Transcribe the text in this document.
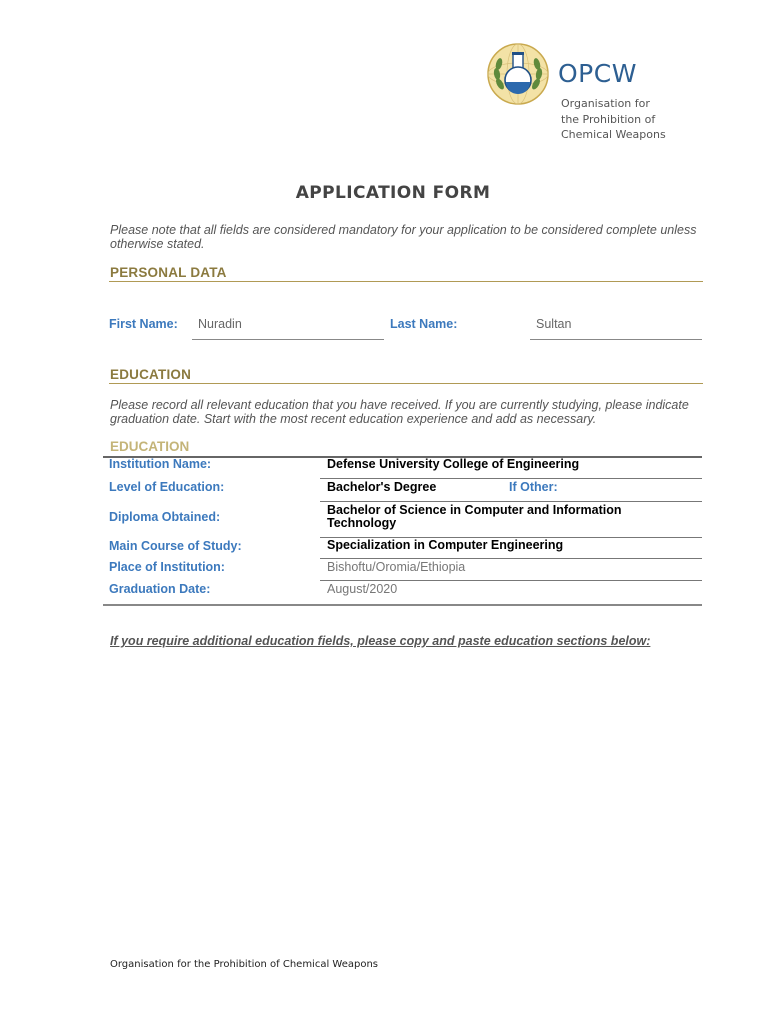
OPCW
Organisation for
the Prohibition of
Chemical Weapons
APPLICATION FORM
Please note that all fields are considered mandatory for your application to be considered complete unless otherwise stated.
PERSONAL DATA
First Name: Nuradin	Last Name:	Sultan
EDUCATION
Please record all relevant education that you have received. If you are currently studying, please indicate graduation date. Start with the most recent education experience and add as necessary.
EDUCATION
Institution Name:	Defense University College of Engineering
Level of Education:	Bachelor's Degree	If Other:
Diploma Obtained:	Bachelor of Science in Computer and Information Technology
Main Course of Study:	Specialization in Computer Engineering
Place of Institution:	Bishoftu/Oromia/Ethiopia
Graduation Date:	August/2020
If you require additional education fields, please copy and paste education sections below:
Organisation for the Prohibition of Chemical Weapons
